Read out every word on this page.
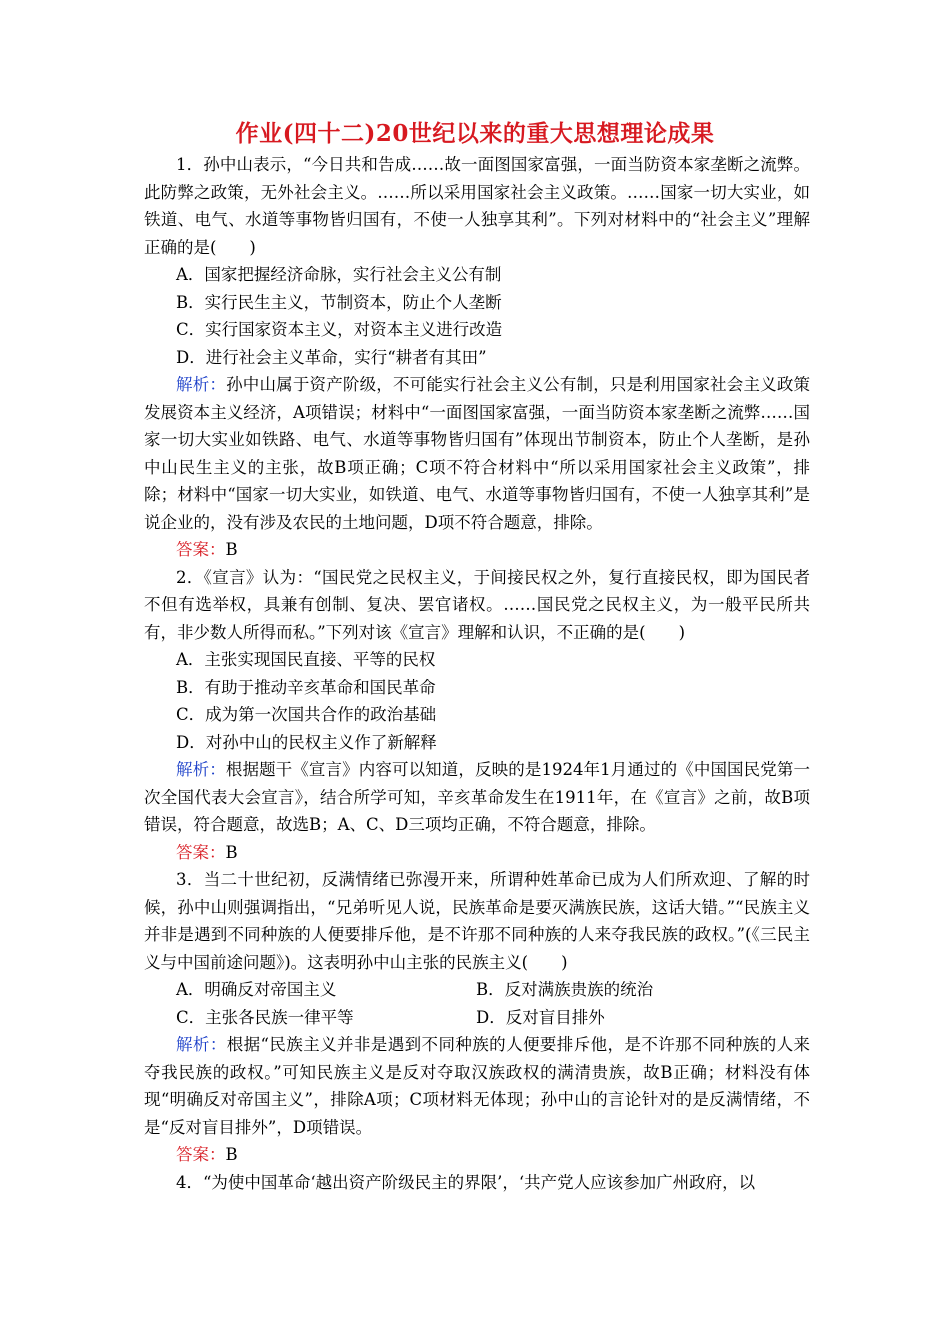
作业(四十二)20世纪以来的重大思想理论成果

1．孙中山表示，“今日共和告成……故一面图国家富强，一面当防资本家垄断之流弊。此防弊之政策，无外社会主义。……所以采用国家社会主义政策。……国家一切大实业，如铁道、电气、水道等事物皆归国有，不使一人独享其利”。下列对材料中的“社会主义”理解正确的是(　　)

A．国家把握经济命脉，实行社会主义公有制

B．实行民生主义，节制资本，防止个人垄断

C．实行国家资本主义，对资本主义进行改造

D．进行社会主义革命，实行“耕者有其田”

解析：孙中山属于资产阶级，不可能实行社会主义公有制，只是利用国家社会主义政策发展资本主义经济，A项错误；材料中“一面图国家富强，一面当防资本家垄断之流弊……国家一切大实业如铁路、电气、水道等事物皆归国有”体现出节制资本，防止个人垄断，是孙中山民生主义的主张，故B项正确；C项不符合材料中“所以采用国家社会主义政策”，排除；材料中“国家一切大实业，如铁道、电气、水道等事物皆归国有，不使一人独享其利”是说企业的，没有涉及农民的土地问题，D项不符合题意，排除。

答案：B

2．《宣言》认为：“国民党之民权主义，于间接民权之外，复行直接民权，即为国民者不但有选举权，具兼有创制、复决、罢官诸权。……国民党之民权主义，为一般平民所共有，非少数人所得而私。”下列对该《宣言》理解和认识，不正确的是(　　)

A．主张实现国民直接、平等的民权

B．有助于推动辛亥革命和国民革命

C．成为第一次国共合作的政治基础

D．对孙中山的民权主义作了新解释

解析：根据题干《宣言》内容可以知道，反映的是1924年1月通过的《中国国民党第一次全国代表大会宣言》，结合所学可知，辛亥革命发生在1911年，在《宣言》之前，故B项错误，符合题意，故选B；A、C、D三项均正确，不符合题意，排除。

答案：B

3．当二十世纪初，反满情绪已弥漫开来，所谓种姓革命已成为人们所欢迎、了解的时候，孙中山则强调指出，“兄弟听见人说，民族革命是要灭满族民族，这话大错。”“民族主义并非是遇到不同种族的人便要排斥他，是不许那不同种族的人来夺我民族的政权。”(《三民主义与中国前途问题》)。这表明孙中山主张的民族主义(　　)

A．明确反对帝国主义	B．反对满族贵族的统治
C．主张各民族一律平等	D．反对盲目排外

解析：根据“民族主义并非是遇到不同种族的人便要排斥他，是不许那不同种族的人来夺我民族的政权。”可知民族主义是反对夺取汉族政权的满清贵族，故B正确；材料没有体现“明确反对帝国主义”，排除A项；C项材料无体现；孙中山的言论针对的是反满情绪，不是“反对盲目排外”，D项错误。

答案：B

4．“为使中国革命‘越出资产阶级民主的界限’，‘共产党人应该参加广州政府，以
